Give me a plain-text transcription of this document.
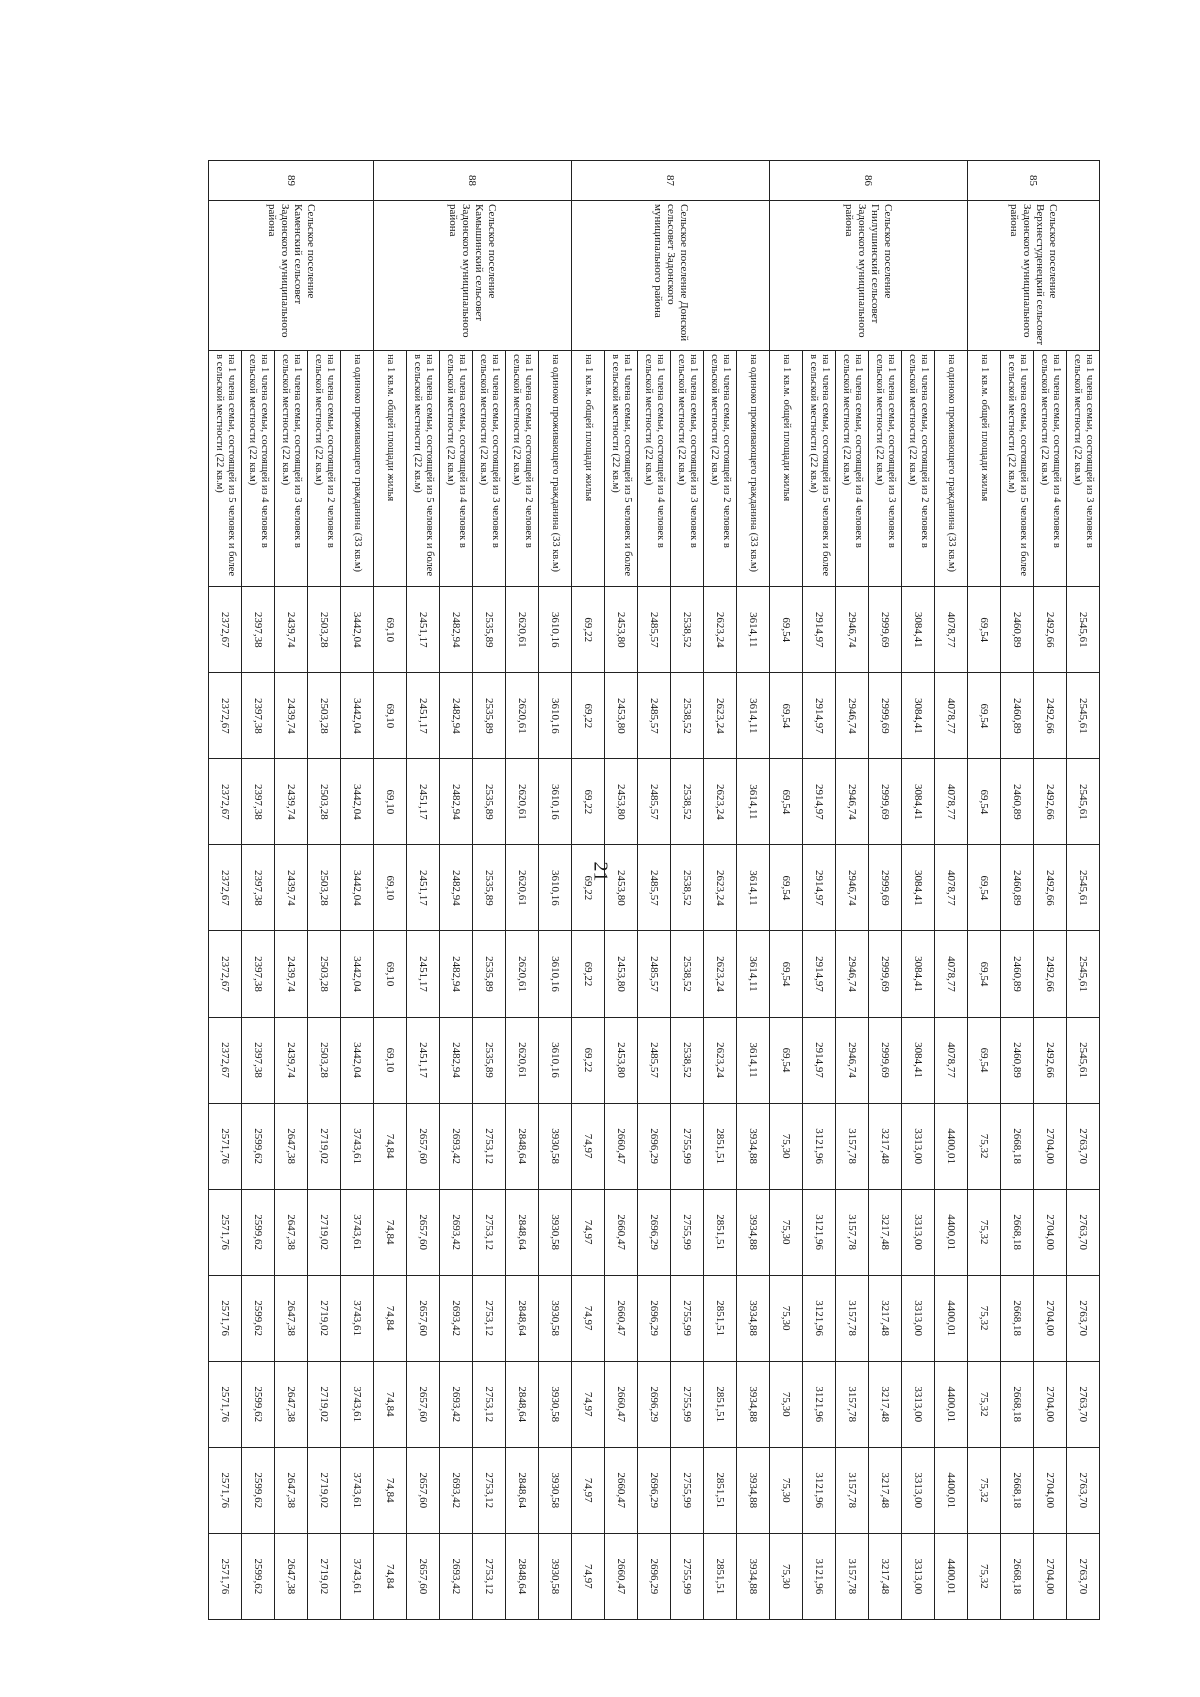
85	Сельское поселение Верхнестуденецкий сельсовет Задонского муниципального района	на 1 члена семьи, состоящей из 3 человек в сельской местности (22 кв.м)	2545,61	2545,61	2545,61	2545,61	2545,61	2545,61	2763,70	2763,70	2763,70	2763,70	2763,70	2763,70
		на 1 члена семьи, состоящей из 4 человек в сельской местности (22 кв.м)	2492,66	2492,66	2492,66	2492,66	2492,66	2492,66	2704,00	2704,00	2704,00	2704,00	2704,00	2704,00
		на 1 члена семьи, состоящей из 5 человек и более в сельской местности (22 кв.м)	2460,89	2460,89	2460,89	2460,89	2460,89	2460,89	2668,18	2668,18	2668,18	2668,18	2668,18	2668,18
		на 1 кв.м. общей площади жилья	69,54	69,54	69,54	69,54	69,54	69,54	75,32	75,32	75,32	75,32	75,32	75,32
86	Сельское поселение Гнилушинский сельсовет Задонского муниципального района	на одиноко проживающего гражданина (33 кв.м)	4078,77	4078,77	4078,77	4078,77	4078,77	4078,77	4400,01	4400,01	4400,01	4400,01	4400,01	4400,01
		на 1 члена семьи, состоящей из 2 человек в сельской местности (22 кв.м)	3084,41	3084,41	3084,41	3084,41	3084,41	3084,41	3313,00	3313,00	3313,00	3313,00	3313,00	3313,00
		на 1 члена семьи, состоящей из 3 человек в сельской местности (22 кв.м)	2999,69	2999,69	2999,69	2999,69	2999,69	2999,69	3217,48	3217,48	3217,48	3217,48	3217,48	3217,48
		на 1 члена семьи, состоящей из 4 человек в сельской местности (22 кв.м)	2946,74	2946,74	2946,74	2946,74	2946,74	2946,74	3157,78	3157,78	3157,78	3157,78	3157,78	3157,78
		на 1 члена семьи, состоящей из 5 человек и более в сельской местности (22 кв.м)	2914,97	2914,97	2914,97	2914,97	2914,97	2914,97	3121,96	3121,96	3121,96	3121,96	3121,96	3121,96
		на 1 кв.м. общей площади жилья	69,54	69,54	69,54	69,54	69,54	69,54	75,30	75,30	75,30	75,30	75,30	75,30
87	Сельское поселение Донской сельсовет Задонского муниципального района	на одиноко проживающего гражданина (33 кв.м)	3614,11	3614,11	3614,11	3614,11	3614,11	3614,11	3934,88	3934,88	3934,88	3934,88	3934,88	3934,88
		на 1 члена семьи, состоящей из 2 человек в сельской местности (22 кв.м)	2623,24	2623,24	2623,24	2623,24	2623,24	2623,24	2851,51	2851,51	2851,51	2851,51	2851,51	2851,51
		на 1 члена семьи, состоящей из 3 человек в сельской местности (22 кв.м)	2538,52	2538,52	2538,52	2538,52	2538,52	2538,52	2755,99	2755,99	2755,99	2755,99	2755,99	2755,99
		на 1 члена семьи, состоящей из 4 человек в сельской местности (22 кв.м)	2485,57	2485,57	2485,57	2485,57	2485,57	2485,57	2696,29	2696,29	2696,29	2696,29	2696,29	2696,29
		на 1 члена семьи, состоящей из 5 человек и более в сельской местности (22 кв.м)	2453,80	2453,80	2453,80	2453,80	2453,80	2453,80	2660,47	2660,47	2660,47	2660,47	2660,47	2660,47
		на 1 кв.м. общей площади жилья	69,22	69,22	69,22	69,22	69,22	69,22	74,97	74,97	74,97	74,97	74,97	74,97
88	Сельское поселение Камышинский сельсовет Задонского муниципального района	на одиноко проживающего гражданина (33 кв.м)	3610,16	3610,16	3610,16	3610,16	3610,16	3610,16	3930,58	3930,58	3930,58	3930,58	3930,58	3930,58
		на 1 члена семьи, состоящей из 2 человек в сельской местности (22 кв.м)	2620,61	2620,61	2620,61	2620,61	2620,61	2620,61	2848,64	2848,64	2848,64	2848,64	2848,64	2848,64
		на 1 члена семьи, состоящей из 3 человек в сельской местности (22 кв.м)	2535,89	2535,89	2535,89	2535,89	2535,89	2535,89	2753,12	2753,12	2753,12	2753,12	2753,12	2753,12
		на 1 члена семьи, состоящей из 4 человек в сельской местности (22 кв.м)	2482,94	2482,94	2482,94	2482,94	2482,94	2482,94	2693,42	2693,42	2693,42	2693,42	2693,42	2693,42
		на 1 члена семьи, состоящей из 5 человек и более в сельской местности (22 кв.м)	2451,17	2451,17	2451,17	2451,17	2451,17	2451,17	2657,60	2657,60	2657,60	2657,60	2657,60	2657,60
		на 1 кв.м. общей площади жилья	69,10	69,10	69,10	69,10	69,10	69,10	74,84	74,84	74,84	74,84	74,84	74,84
89	Сельское поселение Каменский сельсовет Задонского муниципального района	на одиноко проживающего гражданина (33 кв.м)	3442,04	3442,04	3442,04	3442,04	3442,04	3442,04	3743,61	3743,61	3743,61	3743,61	3743,61	3743,61
		на 1 члена семьи, состоящей из 2 человек в сельской местности (22 кв.м)	2503,28	2503,28	2503,28	2503,28	2503,28	2503,28	2719,02	2719,02	2719,02	2719,02	2719,02	2719,02
		на 1 члена семьи, состоящей из 3 человек в сельской местности (22 кв.м)	2439,74	2439,74	2439,74	2439,74	2439,74	2439,74	2647,38	2647,38	2647,38	2647,38	2647,38	2647,38
		на 1 члена семьи, состоящей из 4 человек в сельской местности (22 кв.м)	2397,38	2397,38	2397,38	2397,38	2397,38	2397,38	2599,62	2599,62	2599,62	2599,62	2599,62	2599,62
		на 1 члена семьи, состоящей из 5 человек и более в сельской местности (22 кв.м)	2372,67	2372,67	2372,67	2372,67	2372,67	2372,67	2571,76	2571,76	2571,76	2571,76	2571,76	2571,76
21
